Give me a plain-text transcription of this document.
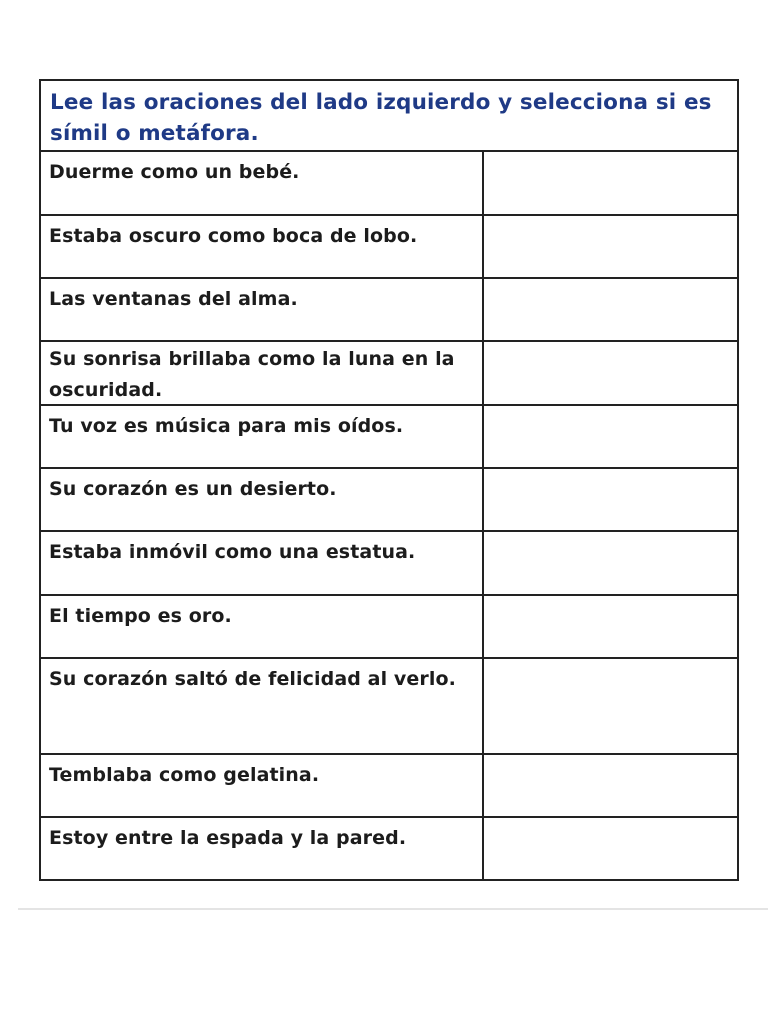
Lee las oraciones del lado izquierdo y selecciona si es símil o metáfora.
Duerme como un bebé.
Estaba oscuro como boca de lobo.
Las ventanas del alma.
Su sonrisa brillaba como la luna en la oscuridad.
Tu voz es música para mis oídos.
Su corazón es un desierto.
Estaba inmóvil como una estatua.
El tiempo es oro.
Su corazón saltó de felicidad al verlo.
Temblaba como gelatina.
Estoy entre la espada y la pared.
